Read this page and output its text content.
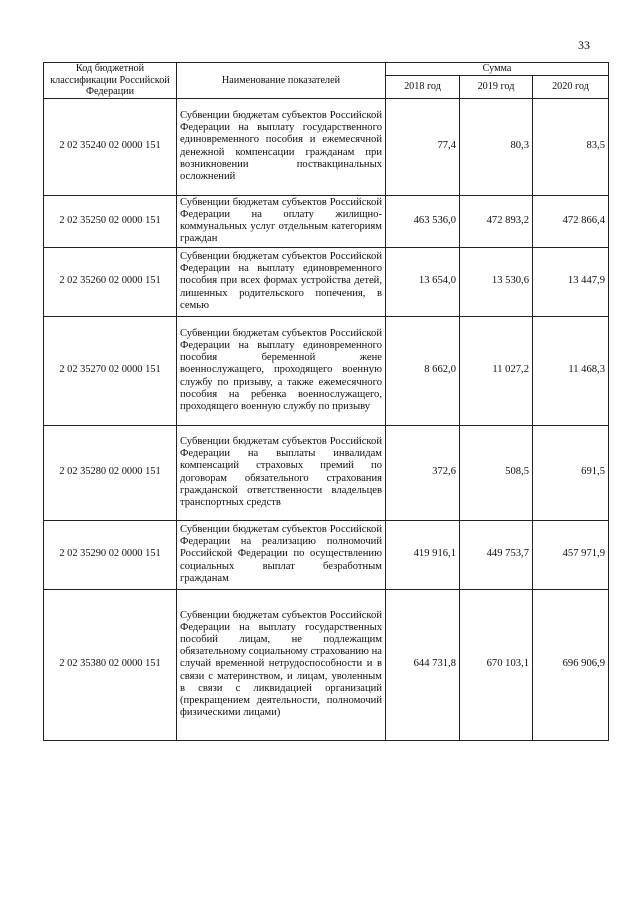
33
Код бюджетной классификации Российской Федерации	Наименование показателей	Сумма		
		2018 год	2019 год	2020 год
2 02 35240 02 0000 151	Субвенции бюджетам субъектов Российской Федерации на выплату государственного единовременного пособия и ежемесячной денежной компенсации гражданам при возникновении поствакцинальных осложнений	77,4	80,3	83,5
2 02 35250 02 0000 151	Субвенции бюджетам субъектов Российской Федерации на оплату жилищно-коммунальных услуг отдельным категориям граждан	463 536,0	472 893,2	472 866,4
2 02 35260 02 0000 151	Субвенции бюджетам субъектов Российской Федерации на выплату единовременного пособия при всех формах устройства детей, лишенных родительского попечения, в семью	13 654,0	13 530,6	13 447,9
2 02 35270 02 0000 151	Субвенции бюджетам субъектов Российской Федерации на выплату единовременного пособия беременной жене военнослужащего, проходящего военную службу по призыву, а также ежемесячного пособия на ребенка военнослужащего, проходящего военную службу по призыву	8 662,0	11 027,2	11 468,3
2 02 35280 02 0000 151	Субвенции бюджетам субъектов Российской Федерации на выплаты инвалидам компенсаций страховых премий по договорам обязательного страхования гражданской ответственности владельцев транспортных средств	372,6	508,5	691,5
2 02 35290 02 0000 151	Субвенции бюджетам субъектов Российской Федерации на реализацию полномочий Российской Федерации по осуществлению социальных выплат безработным гражданам	419 916,1	449 753,7	457 971,9
2 02 35380 02 0000 151	Субвенции бюджетам субъектов Российской Федерации на выплату государственных пособий лицам, не подлежащим обязательному социальному страхованию на случай временной нетрудоспособности и в связи с материнством, и лицам, уволенным в связи с ликвидацией организаций (прекращением деятельности, полномочий физическими лицами)	644 731,8	670 103,1	696 906,9
